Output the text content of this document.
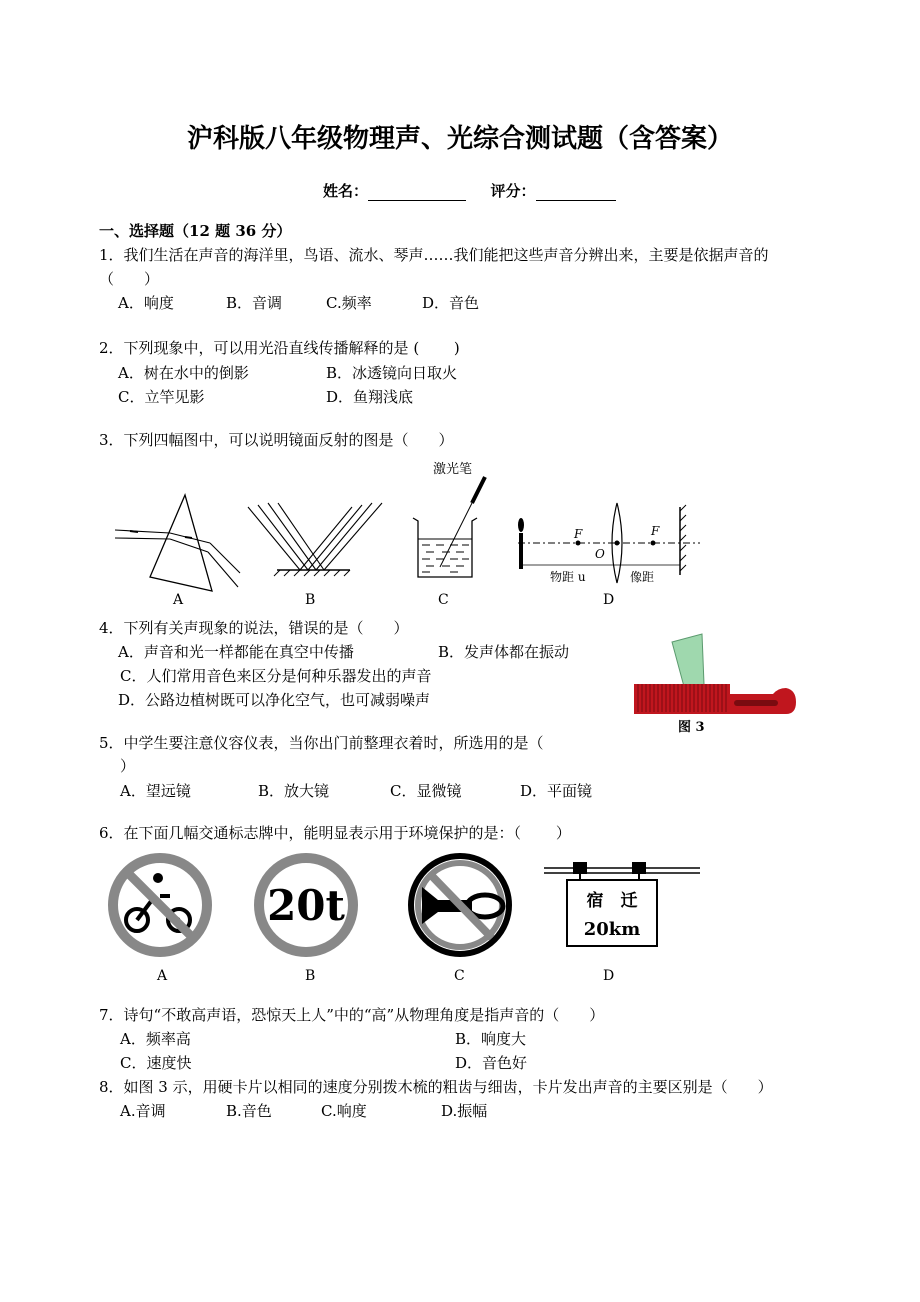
沪科版八年级物理声、光综合测试题（含答案）
姓名：	评分：
一、选择题（12 题 36 分）
1．我们生活在声音的海洋里，鸟语、流水、琴声……我们能把这些声音分辨出来，主要是依据声音的
（　　）
A．响度	B．音调	C.频率	D．音色
2．下列现象中，可以用光沿直线传播解释的是 (　　 )
A．树在水中的倒影	B．冰透镜向日取火
C．立竿见影	D．鱼翔浅底
3．下列四幅图中，可以说明镜面反射的图是（　　）
激光笔
F
O
F
物距 u	像距
A	B	C	D
4．下列有关声现象的说法，错误的是（　　）
A．声音和光一样都能在真空中传播	B．发声体都在振动
C．人们常用音色来区分是何种乐器发出的声音
D．公路边植树既可以净化空气，也可减弱噪声
图 3
5．中学生要注意仪容仪表，当你出门前整理衣着时，所选用的是（
）
A．望远镜	B．放大镜	C．显微镜	D．平面镜
6．在下面几幅交通标志牌中，能明显表示用于环境保护的是：（　　 ）
20t	宿　迁
20km
A	B	C	D
7．诗句“不敢高声语，恐惊天上人”中的“高”从物理角度是指声音的（　　）
A．频率高	B．响度大
C．速度快	D．音色好
8．如图 3 示，用硬卡片以相同的速度分别拨木梳的粗齿与细齿，卡片发出声音的主要区别是（　　）
A.音调	B.音色	C.响度	D.振幅
